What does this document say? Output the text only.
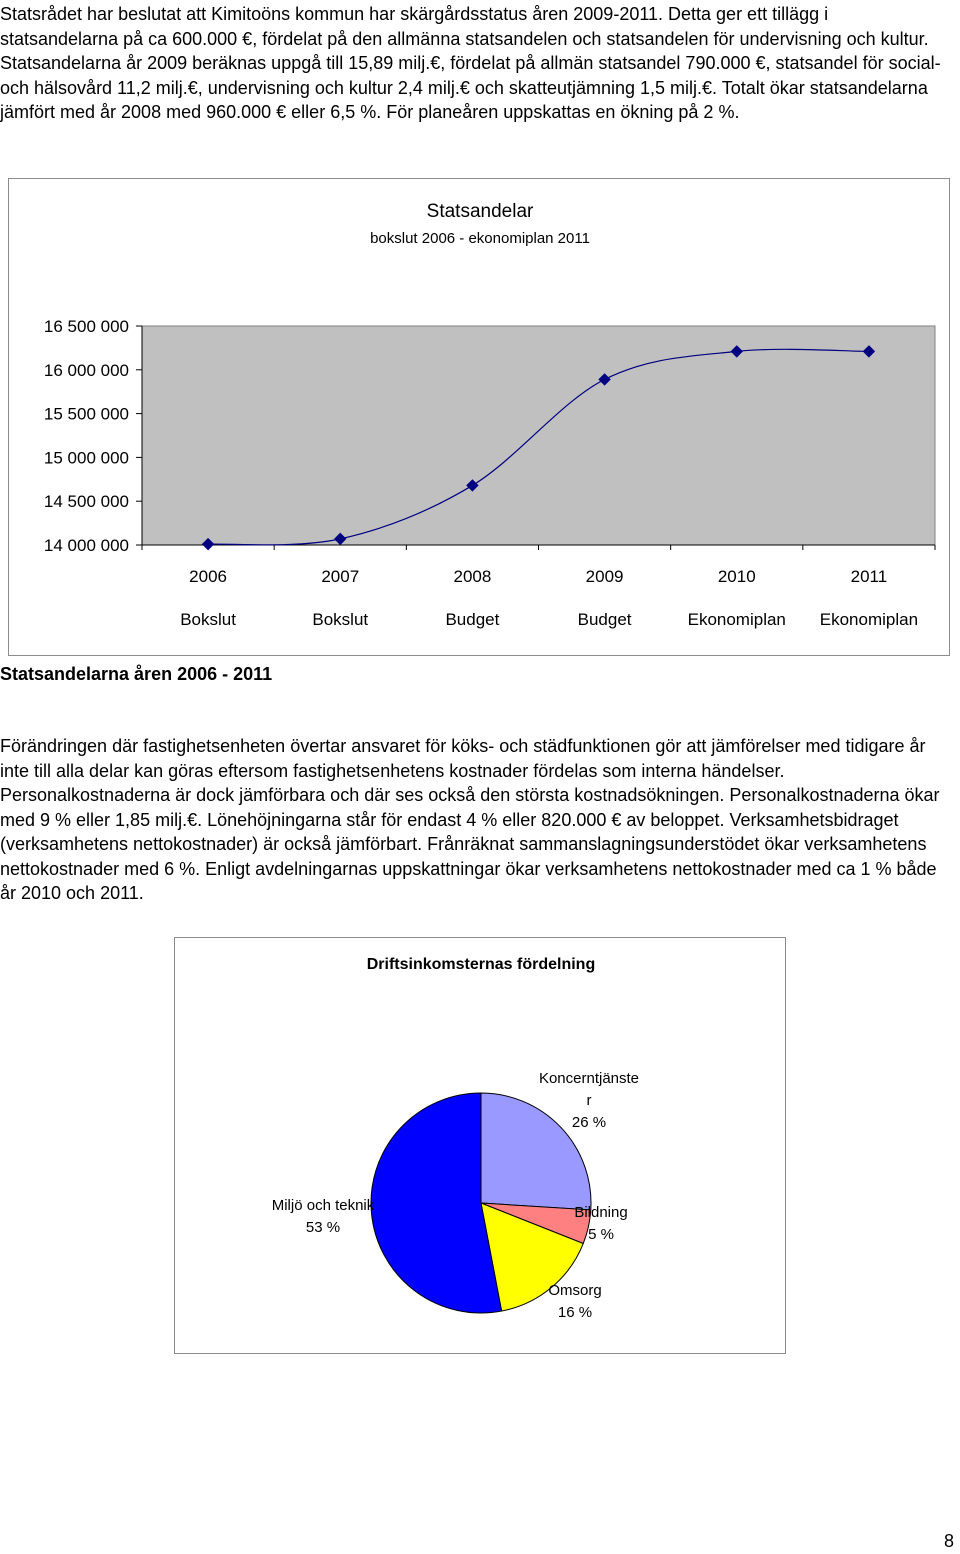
Statsrådet har beslutat att Kimitoöns kommun har skärgårdsstatus åren 2009-2011. Detta ger ett tillägg i statsandelarna på ca 600.000 €, fördelat på den allmänna statsandelen och statsandelen för undervisning och kultur. Statsandelarna år 2009 beräknas uppgå till 15,89 milj.€, fördelat på allmän statsandel 790.000 €, statsandel för social- och hälsovård 11,2 milj.€, undervisning och kultur 2,4 milj.€ och skatteutjämning 1,5 milj.€. Totalt ökar statsandelarna jämfört med år 2008 med 960.000 € eller 6,5 %. För planeåren uppskattas en ökning på 2 %.

Statsandelar
bokslut 2006 - ekonomiplan 2011
14 000 000
14 500 000
15 000 000
15 500 000
16 000 000
16 500 000
2006
Bokslut
2007
Bokslut
2008
Budget
2009
Budget
2010
Ekonomiplan
2011
Ekonomiplan
Statsandelarna åren 2006 - 2011

Förändringen där fastighetsenheten övertar ansvaret för köks- och städfunktionen gör att jämförelser med tidigare år inte till alla delar kan göras eftersom fastighetsenhetens kostnader fördelas som interna händelser. Personalkostnaderna är dock jämförbara och där ses också den största kostnadsökningen. Personalkostnaderna ökar med 9 % eller 1,85 milj.€. Lönehöjningarna står för endast 4 % eller 820.000 € av beloppet. Verksamhetsbidraget (verksamhetens nettokostnader) är också jämförbart. Frånräknat sammanslagningsunderstödet ökar verksamhetens nettokostnader med 6 %. Enligt avdelningarnas uppskattningar ökar verksamhetens nettokostnader med ca 1 % både år 2010 och 2011.

Driftsinkomsternas fördelning
Koncerntjänste
r
26 %
Bildning
5 %
Omsorg
16 %
Miljö och teknik
53 %

8
